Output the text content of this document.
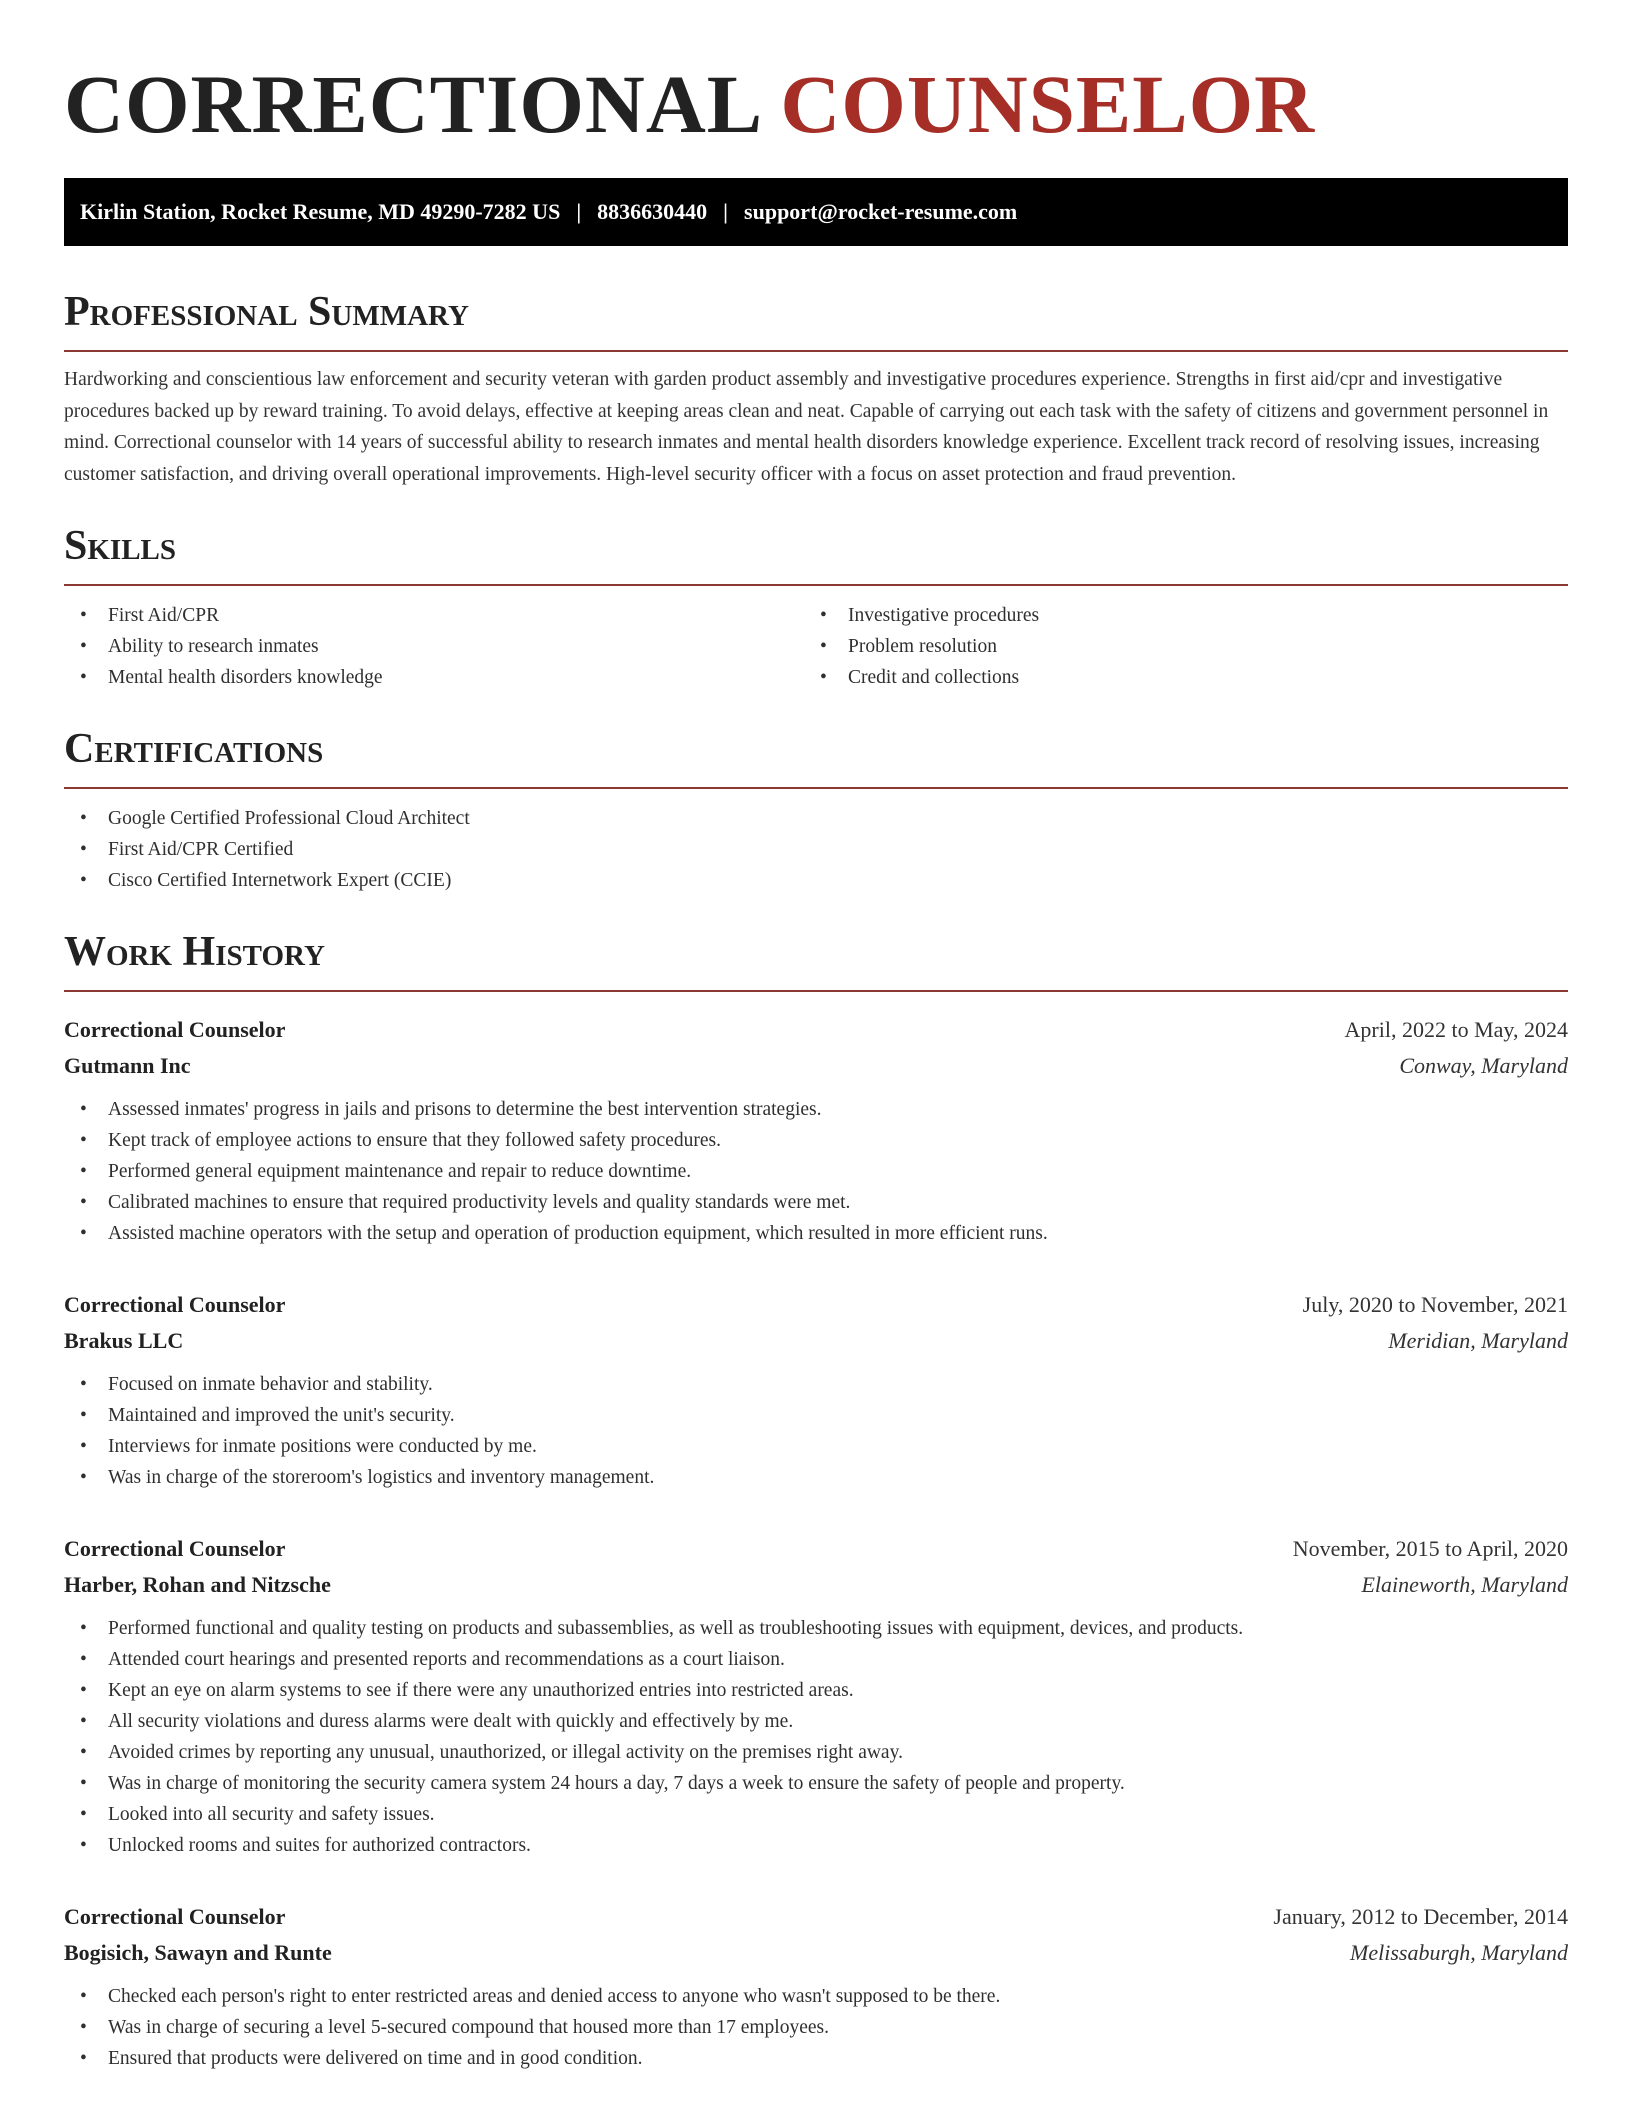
CORRECTIONAL COUNSELOR
Kirlin Station, Rocket Resume, MD 49290-7282 US | 8836630440 | support@rocket-resume.com
Professional Summary

Hardworking and conscientious law enforcement and security veteran with garden product assembly and investigative procedures experience. Strengths in first aid/cpr and investigative procedures backed up by reward training. To avoid delays, effective at keeping areas clean and neat. Capable of carrying out each task with the safety of citizens and government personnel in mind. Correctional counselor with 14 years of successful ability to research inmates and mental health disorders knowledge experience. Excellent track record of resolving issues, increasing customer satisfaction, and driving overall operational improvements. High-level security officer with a focus on asset protection and fraud prevention.

Skills
• First Aid/CPR
• Ability to research inmates
• Mental health disorders knowledge
• Investigative procedures
• Problem resolution
• Credit and collections
Certifications
• Google Certified Professional Cloud Architect
• First Aid/CPR Certified
• Cisco Certified Internetwork Expert (CCIE)
Work History
Correctional Counselor	April, 2022 to May, 2024
Gutmann Inc	Conway, Maryland
• Assessed inmates' progress in jails and prisons to determine the best intervention strategies.
• Kept track of employee actions to ensure that they followed safety procedures.
• Performed general equipment maintenance and repair to reduce downtime.
• Calibrated machines to ensure that required productivity levels and quality standards were met.
• Assisted machine operators with the setup and operation of production equipment, which resulted in more efficient runs.
Correctional Counselor	July, 2020 to November, 2021
Brakus LLC	Meridian, Maryland
• Focused on inmate behavior and stability.
• Maintained and improved the unit's security.
• Interviews for inmate positions were conducted by me.
• Was in charge of the storeroom's logistics and inventory management.
Correctional Counselor	November, 2015 to April, 2020
Harber, Rohan and Nitzsche	Elaineworth, Maryland
• Performed functional and quality testing on products and subassemblies, as well as troubleshooting issues with equipment, devices, and products.
• Attended court hearings and presented reports and recommendations as a court liaison.
• Kept an eye on alarm systems to see if there were any unauthorized entries into restricted areas.
• All security violations and duress alarms were dealt with quickly and effectively by me.
• Avoided crimes by reporting any unusual, unauthorized, or illegal activity on the premises right away.
• Was in charge of monitoring the security camera system 24 hours a day, 7 days a week to ensure the safety of people and property.
• Looked into all security and safety issues.
• Unlocked rooms and suites for authorized contractors.
Correctional Counselor	January, 2012 to December, 2014
Bogisich, Sawayn and Runte	Melissaburgh, Maryland
• Checked each person's right to enter restricted areas and denied access to anyone who wasn't supposed to be there.
• Was in charge of securing a level 5-secured compound that housed more than 17 employees.
• Ensured that products were delivered on time and in good condition.
